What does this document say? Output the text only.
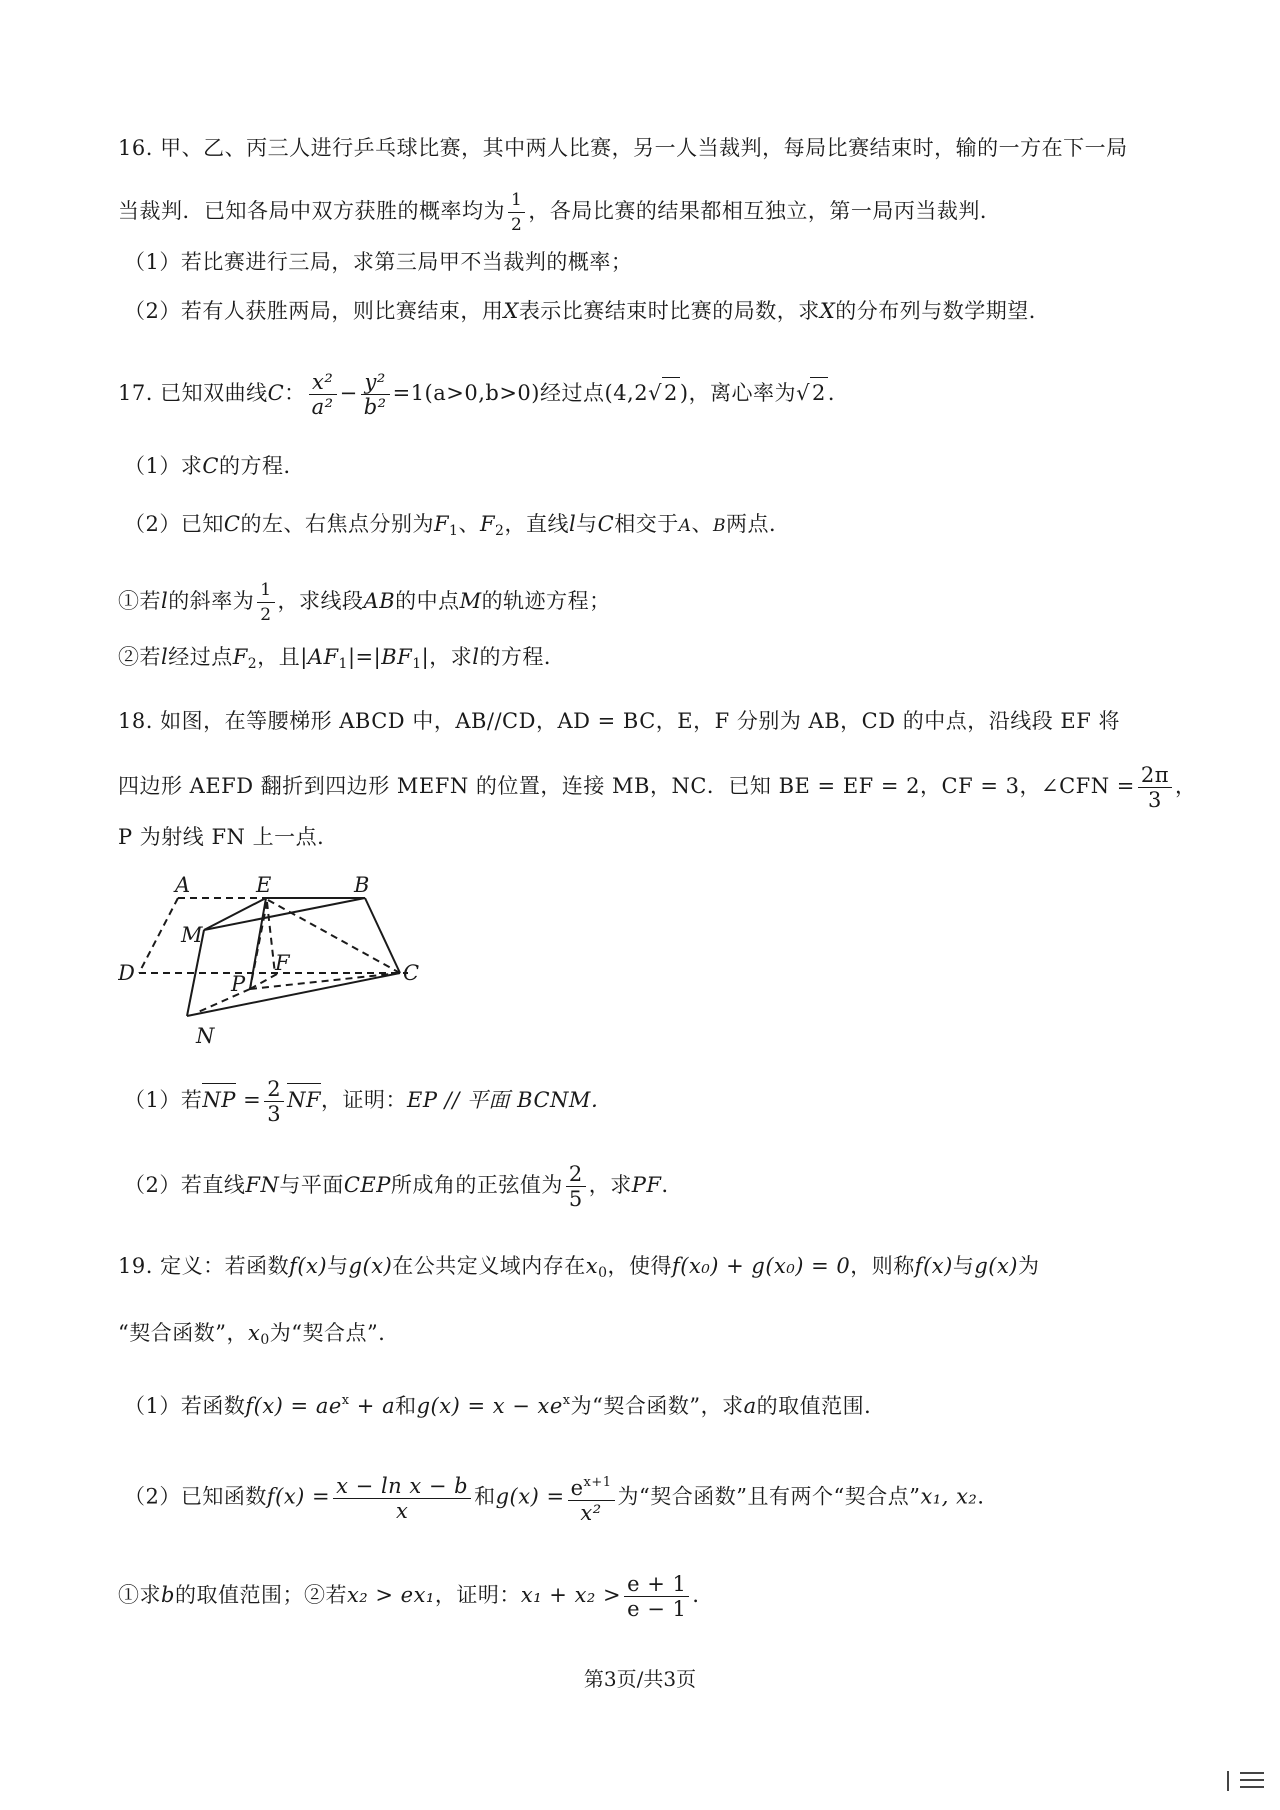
16. 甲、乙、丙三人进行乒乓球比赛，其中两人比赛，另一人当裁判，每局比赛结束时，输的一方在下一局
当裁判．已知各局中双方获胜的概率均为 $\frac{1}{2}$ ，各局比赛的结果都相互独立，第一局丙当裁判．
（1）若比赛进行三局，求第三局甲不当裁判的概率；
（2）若有人获胜两局，则比赛结束，用X表示比赛结束时比赛的局数，求X的分布列与数学期望．
17. 已知双曲线C： $\frac{\text{x²}}{\text{a²}} - \frac{\text{y²}}{\text{b²}} =1(a>0,b>0)$经过点(4,2√2)，离心率为√2．
（1）求C的方程．
（2）已知C的左、右焦点分别为$F_1$、$F_2$，直线l与C相交于A、B两点．
①若l的斜率为 $\frac{1}{2}$ ，求线段AB的中点M的轨迹方程；
②若l经过点$F_2$，且$|AF_1|=|BF_1|$，求l的方程．
18. 如图，在等腰梯形 ABCD 中，AB//CD，AD = BC，E，F 分别为 AB，CD 的中点，沿线段 EF 将
四边形 AEFD 翻折到四边形 MEFN 的位置，连接 MB，NC．已知 BE = EF = 2，CF = 3，∠CFN = $\frac{2\pi}{3}$ ，
P 为射线 FN 上一点．
A	E	B
M
F
D	P	C
N
（1）若NP = $\frac{2}{3}$ NF，证明：EP // 平面 BCNM．
（2）若直线FN与平面CEP所成角的正弦值为 $\frac{2}{5}$ ，求PF．
19. 定义：若函数f(x)与g(x)在公共定义域内存在$x_0$，使得f(x₀) + g(x₀) = 0，则称f(x)与g(x)为
“契合函数”，$x_0$为“契合点”．
（1）若函数$f(x) = ae^x + a$和$g(x) = x - xe^x$为“契合函数”，求a的取值范围．
（2）已知函数$f(x) = \frac{\text{x − ln x − b}}{x}$ 和$g(x) = \frac{e^{x+1}}{\text{x²}}$ 为“契合函数”且有两个“契合点”x₁, x₂．
①求b的取值范围；②若x₂ > ex₁，证明：$x_1 + x_2 > \frac{e + 1}{e - 1}$ ．
第3页/共3页
